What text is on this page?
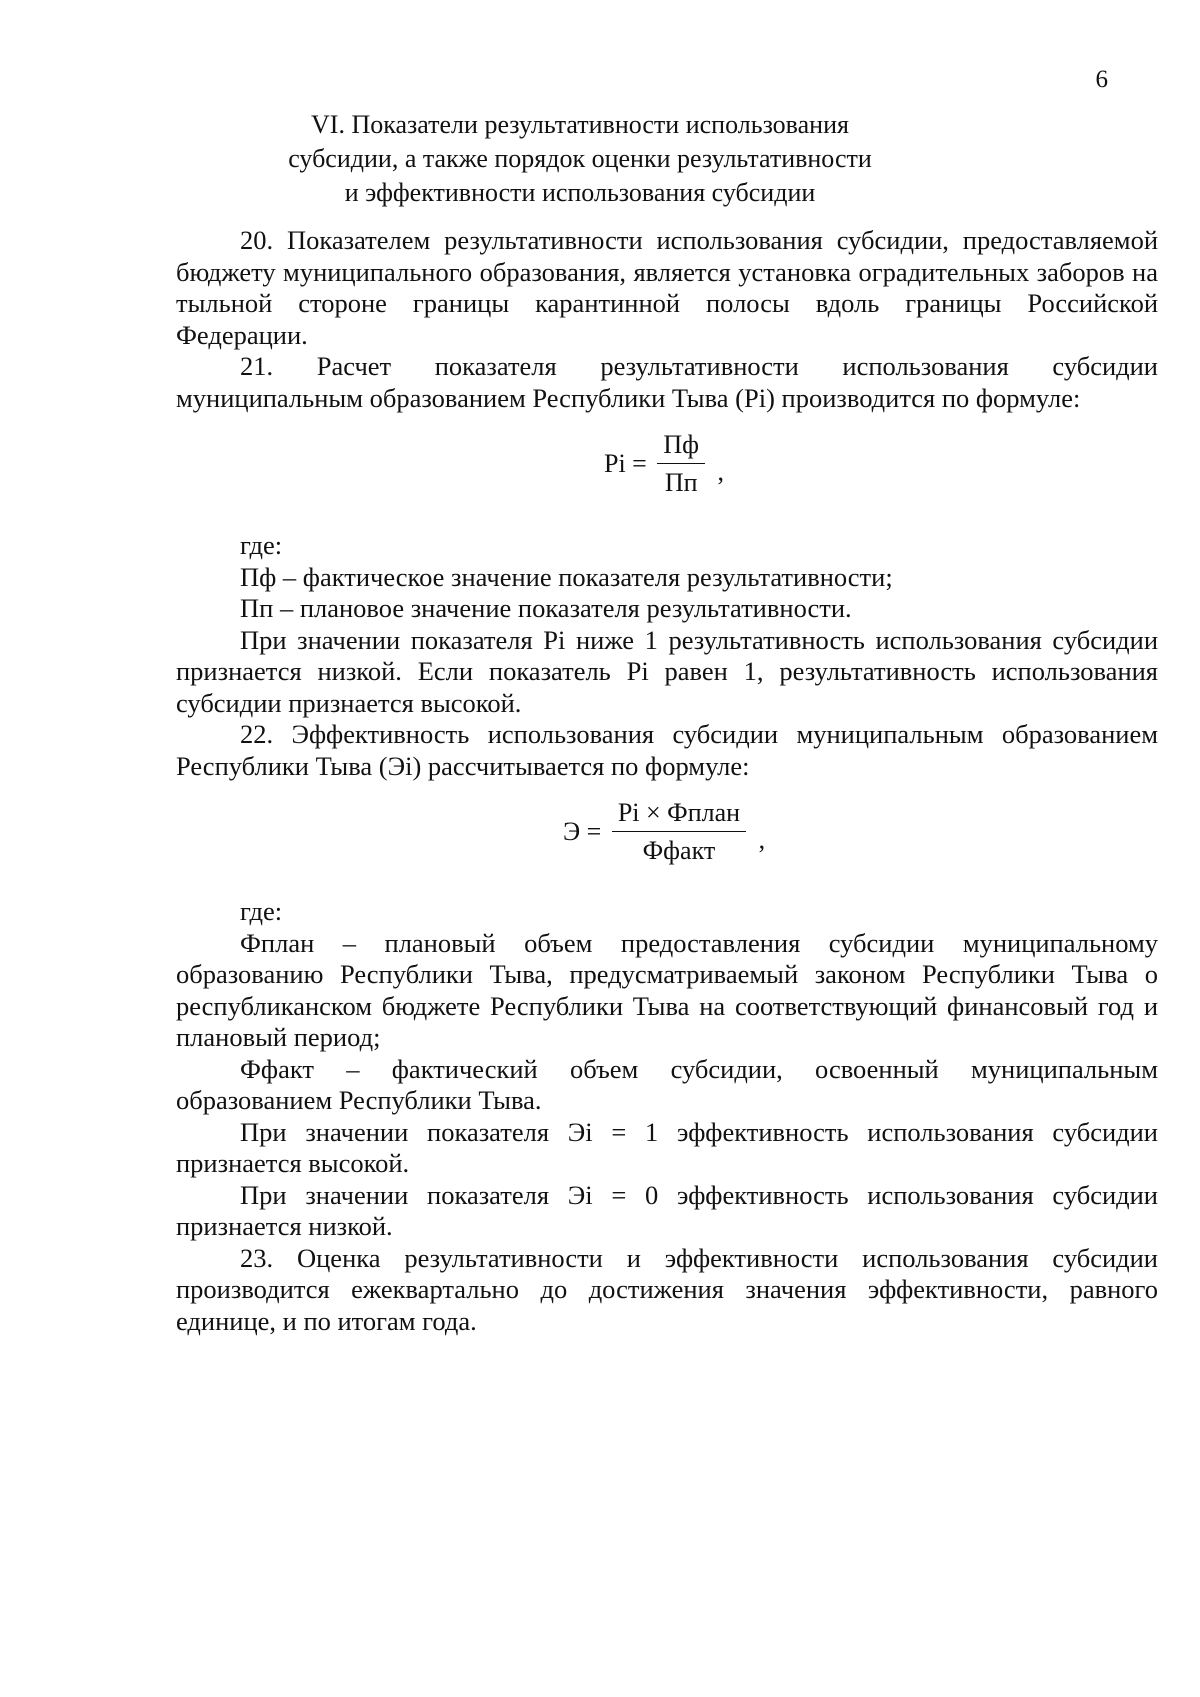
6
VI. Показатели результативности использования
субсидии, а также порядок оценки результативности
и эффективности использования субсидии

20. Показателем результативности использования субсидии, предоставляемой бюджету муниципального образования, является установка оградительных заборов на тыльной стороне границы карантинной полосы вдоль границы Российской Федерации.

21. Расчет показателя результативности использования субсидии муниципальным образованием Республики Тыва (Pi) производится по формуле:

$Pi = \frac{Пф}{Пп}$ ,

где:

Пф – фактическое значение показателя результативности;

Пп – плановое значение показателя результативности.

При значении показателя Pi ниже 1 результативность использования субсидии признается низкой. Если показатель Pi равен 1, результативность использования субсидии признается высокой.

22. Эффективность использования субсидии муниципальным образованием Республики Тыва (Эi) рассчитывается по формуле:

$Э = \frac{\text{Pi × Фплан}}{\text{Ффакт}}$ ,

где:

Фплан – плановый объем предоставления субсидии муниципальному образованию Республики Тыва, предусматриваемый законом Республики Тыва о республиканском бюджете Республики Тыва на соответствующий финансовый год и плановый период;

Ффакт – фактический объем субсидии, освоенный муниципальным образованием Республики Тыва.

При значении показателя Эi = 1 эффективность использования субсидии признается высокой.

При значении показателя Эi = 0 эффективность использования субсидии признается низкой.

23. Оценка результативности и эффективности использования субсидии производится ежеквартально до достижения значения эффективности, равного единице, и по итогам года.
